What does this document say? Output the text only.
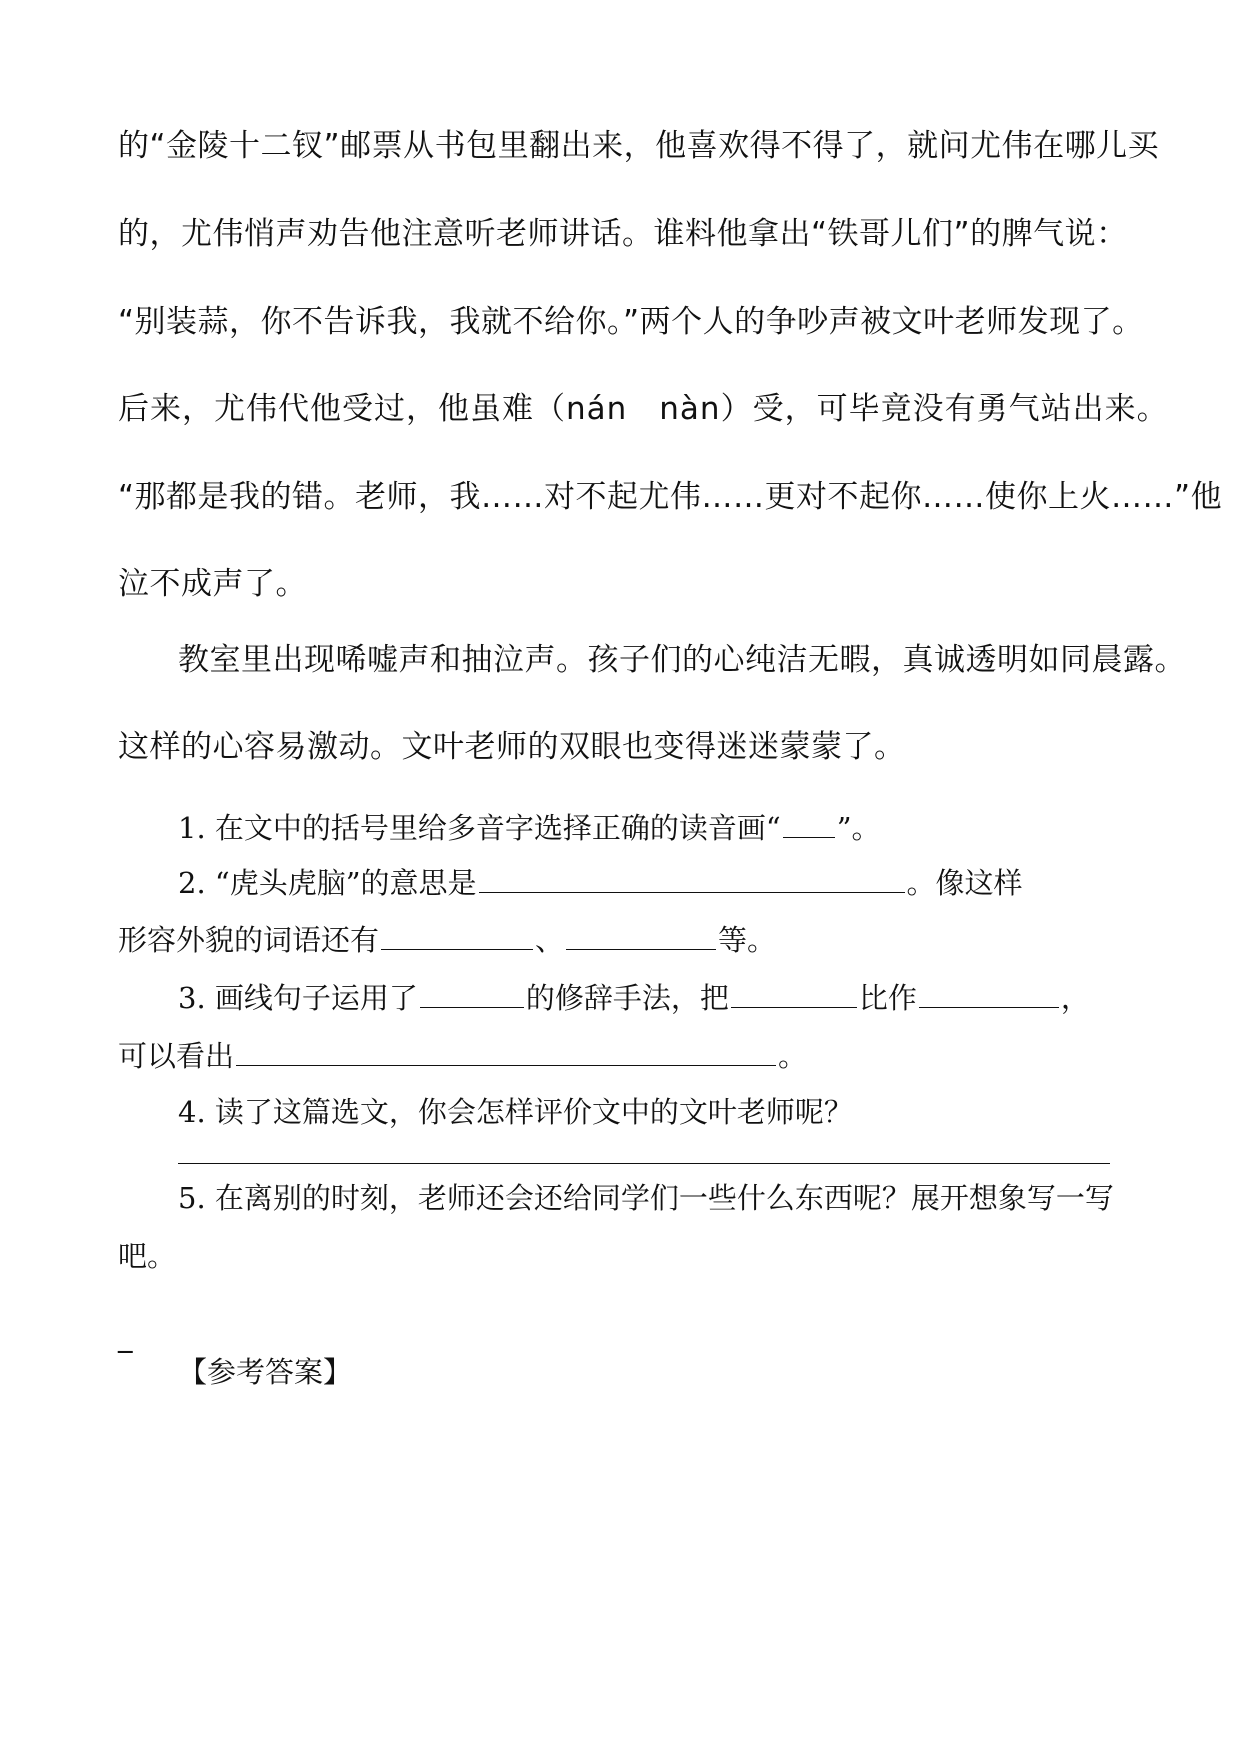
的“金陵十二钗”邮票从书包里翻出来，他喜欢得不得了，就问尤伟在哪儿买
的，尤伟悄声劝告他注意听老师讲话。谁料他拿出“铁哥儿们”的脾气说：
“别装蒜，你不告诉我，我就不给你。”两个人的争吵声被文叶老师发现了。
后来，尤伟代他受过，他虽难（nán　nàn）受，可毕竟没有勇气站出来。
“那都是我的错。老师，我……对不起尤伟……更对不起你……使你上火……”他
泣不成声了。
教室里出现唏嘘声和抽泣声。孩子们的心纯洁无暇，真诚透明如同晨露。
这样的心容易激动。文叶老师的双眼也变得迷迷蒙蒙了。
1. 在文中的括号里给多音字选择正确的读音画“ ”。
2. “虎头虎脑”的意思是	。像这样
形容外貌的词语还有	、	等。
3. 画线句子运用了	的修辞手法，把	比作	，
可以看出	。
4. 读了这篇选文，你会怎样评价文中的文叶老师呢？
5. 在离别的时刻，老师还会还给同学们一些什么东西呢？展开想象写一写
吧。
_
【参考答案】
